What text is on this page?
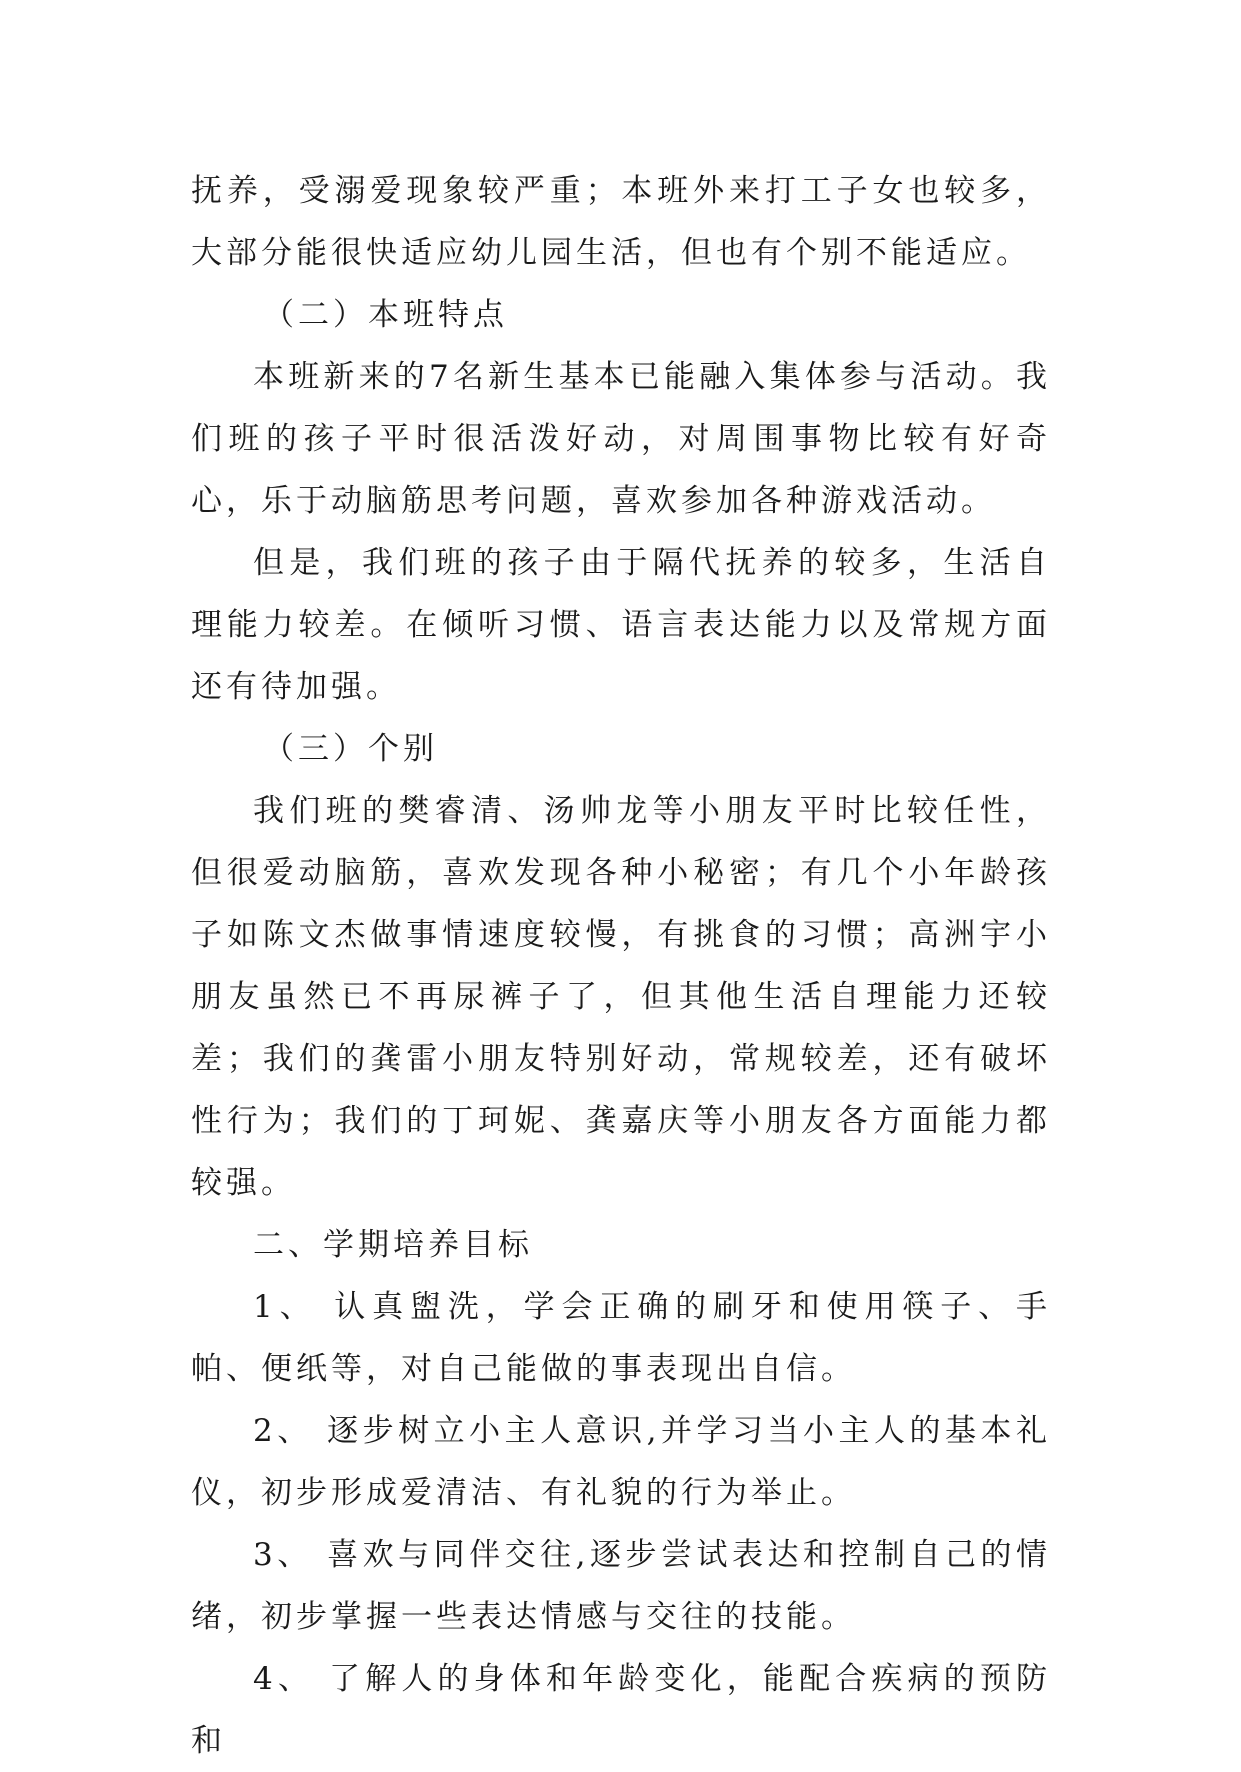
抚养，受溺爱现象较严重；本班外来打工子女也较多，大部分能很快适应幼儿园生活，但也有个别不能适应。

（二）本班特点

本班新来的7名新生基本已能融入集体参与活动。我们班的孩子平时很活泼好动，对周围事物比较有好奇心，乐于动脑筋思考问题，喜欢参加各种游戏活动。

但是，我们班的孩子由于隔代抚养的较多，生活自理能力较差。在倾听习惯、语言表达能力以及常规方面还有待加强。

（三）个别

我们班的樊睿清、汤帅龙等小朋友平时比较任性，但很爱动脑筋，喜欢发现各种小秘密；有几个小年龄孩子如陈文杰做事情速度较慢，有挑食的习惯；高洲宇小朋友虽然已不再尿裤子了，但其他生活自理能力还较差；我们的龚雷小朋友特别好动，常规较差，还有破坏性行为；我们的丁珂妮、龚嘉庆等小朋友各方面能力都较强。

二、学期培养目标

1、 认真盥洗，学会正确的刷牙和使用筷子、手帕、便纸等，对自己能做的事表现出自信。

2、 逐步树立小主人意识,并学习当小主人的基本礼仪，初步形成爱清洁、有礼貌的行为举止。

3、 喜欢与同伴交往,逐步尝试表达和控制自己的情绪，初步掌握一些表达情感与交往的技能。

4、 了解人的身体和年龄变化，能配合疾病的预防和
